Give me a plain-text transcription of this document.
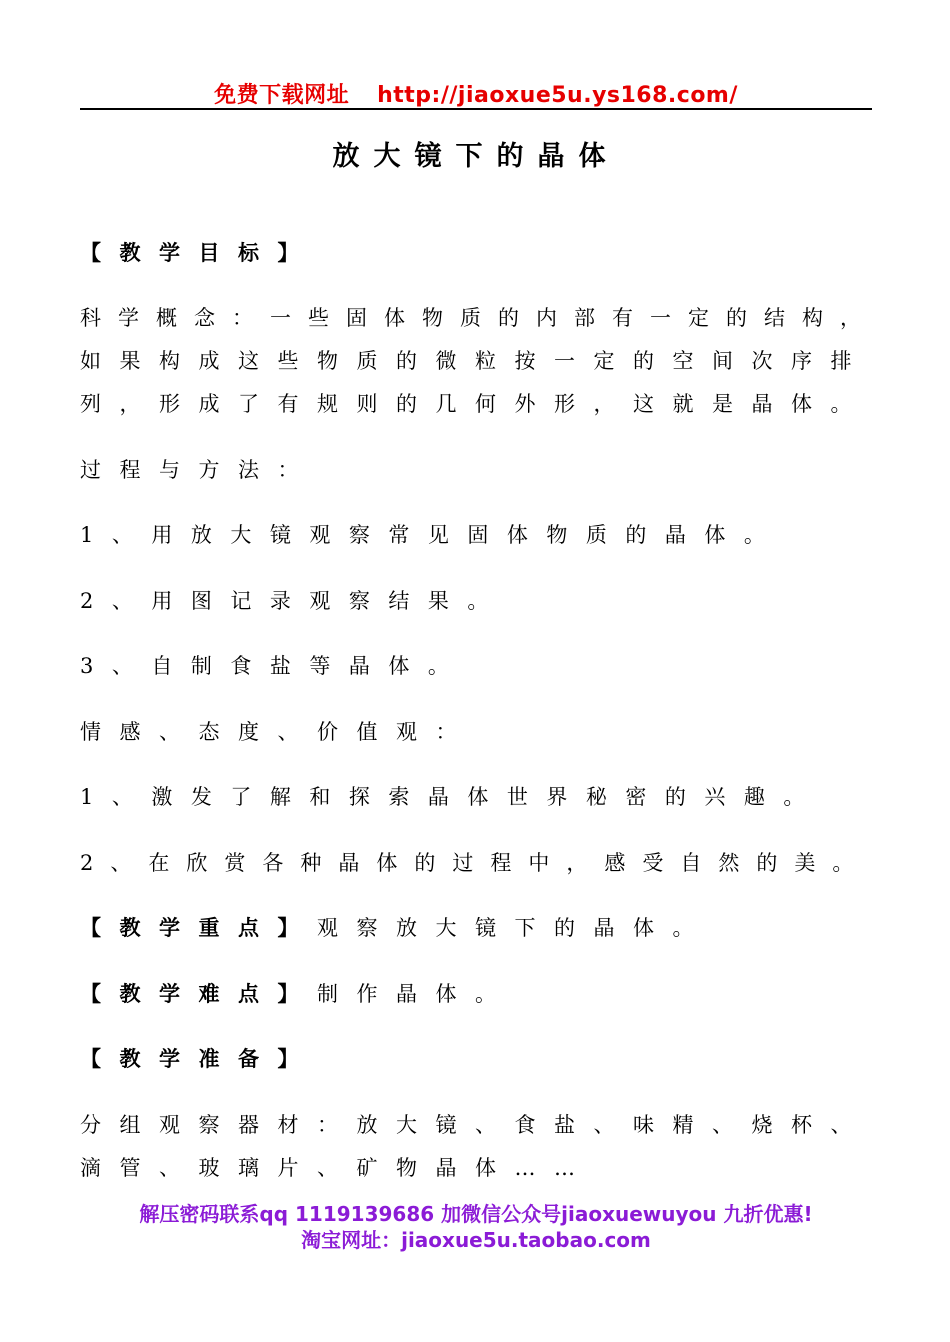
免费下载网址 http://jiaoxue5u.ys168.com/
放大镜下的晶体
【教学目标】
科学概念：一些固体物质的内部有一定的结构，
如果构成这些物质的微粒按一定的空间次序排
列，形成了有规则的几何外形，这就是晶体。
过程与方法：
1、用放大镜观察常见固体物质的晶体。
2、用图记录观察结果。
3、自制食盐等晶体。
情感、态度、价值观：
1、激发了解和探索晶体世界秘密的兴趣。
2、在欣赏各种晶体的过程中，感受自然的美。
【教学重点】观察放大镜下的晶体。
【教学难点】制作晶体。
【教学准备】
分组观察器材：放大镜、食盐、味精、烧杯、
滴管、玻璃片、矿物晶体……
解压密码联系qq 1119139686 加微信公众号jiaoxuewuyou 九折优惠!
淘宝网址：jiaoxue5u.taobao.com
